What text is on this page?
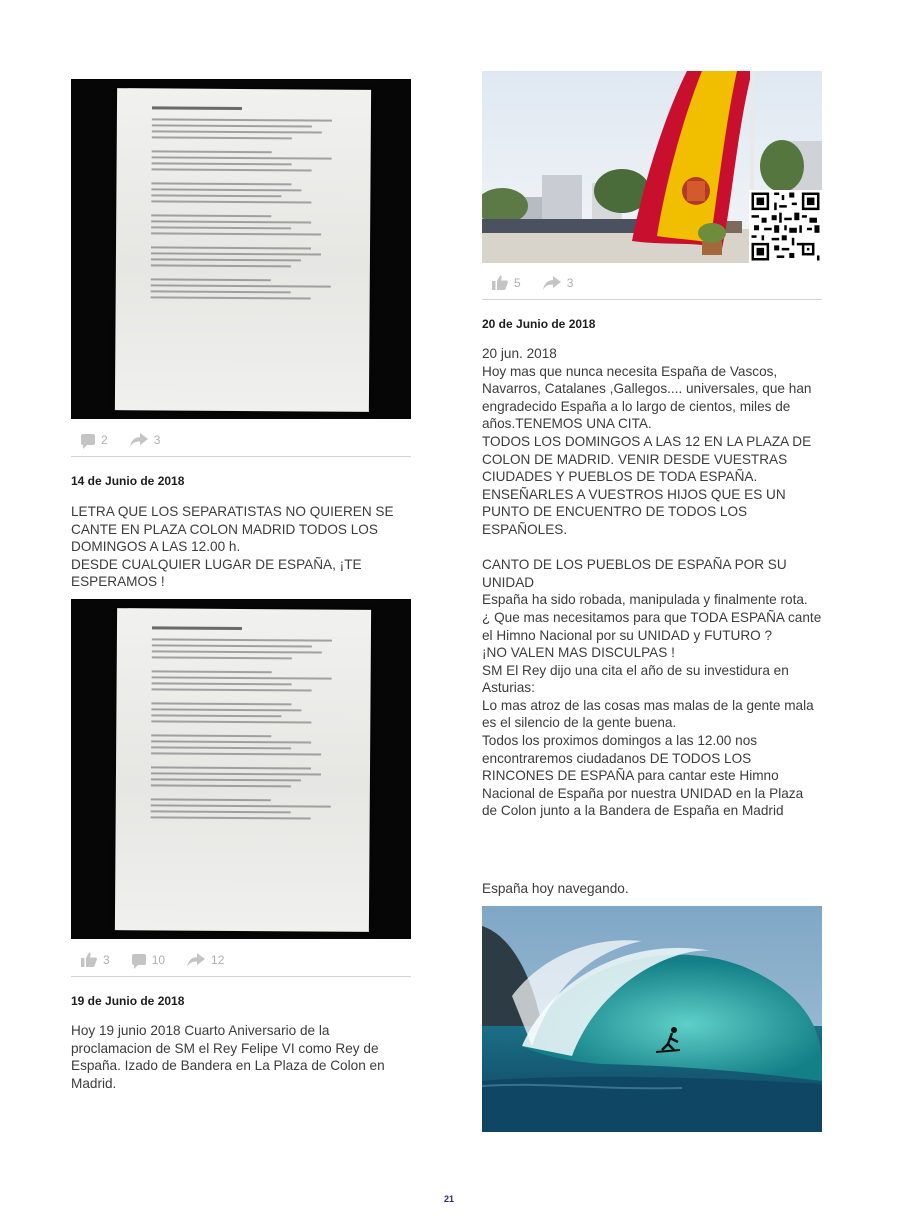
2	3
14 de Junio de 2018

LETRA QUE LOS SEPARATISTAS NO QUIEREN SE CANTE EN PLAZA COLON MADRID TODOS LOS DOMINGOS A LAS 12.00 h.
DESDE CUALQUIER LUGAR DE ESPAÑA, ¡TE ESPERAMOS !

3	10	12
19 de Junio de 2018

Hoy 19 junio 2018 Cuarto Aniversario de la proclamacion de SM el Rey Felipe VI como Rey de España. Izado de Bandera en La Plaza de Colon en Madrid.

5	3
20 de Junio de 2018

20 jun. 2018
Hoy mas que nunca necesita España de Vascos, Navarros, Catalanes ,Gallegos.... universales, que han engradecido España a lo largo de cientos, miles de años.TENEMOS UNA CITA.
TODOS LOS DOMINGOS A LAS 12 EN LA PLAZA DE COLON DE MADRID. VENIR DESDE VUESTRAS CIUDADES Y PUEBLOS DE TODA ESPAÑA.
ENSEÑARLES A VUESTROS HIJOS QUE ES UN PUNTO DE ENCUENTRO DE TODOS LOS ESPAÑOLES.

CANTO DE LOS PUEBLOS DE ESPAÑA POR SU UNIDAD
España ha sido robada, manipulada y finalmente rota.
¿ Que mas necesitamos para que TODA ESPAÑA cante el Himno Nacional por su UNIDAD y FUTURO ?
¡NO VALEN MAS DISCULPAS !
SM El Rey dijo una cita el año de su investidura en Asturias:
Lo mas atroz de las cosas mas malas de la gente mala es el silencio de la gente buena.
Todos los proximos domingos a las 12.00 nos encontraremos ciudadanos DE TODOS LOS RINCONES DE ESPAÑA para cantar este Himno Nacional de España por nuestra UNIDAD en la Plaza de Colon junto a la Bandera de España en Madrid

España hoy navegando.

21
